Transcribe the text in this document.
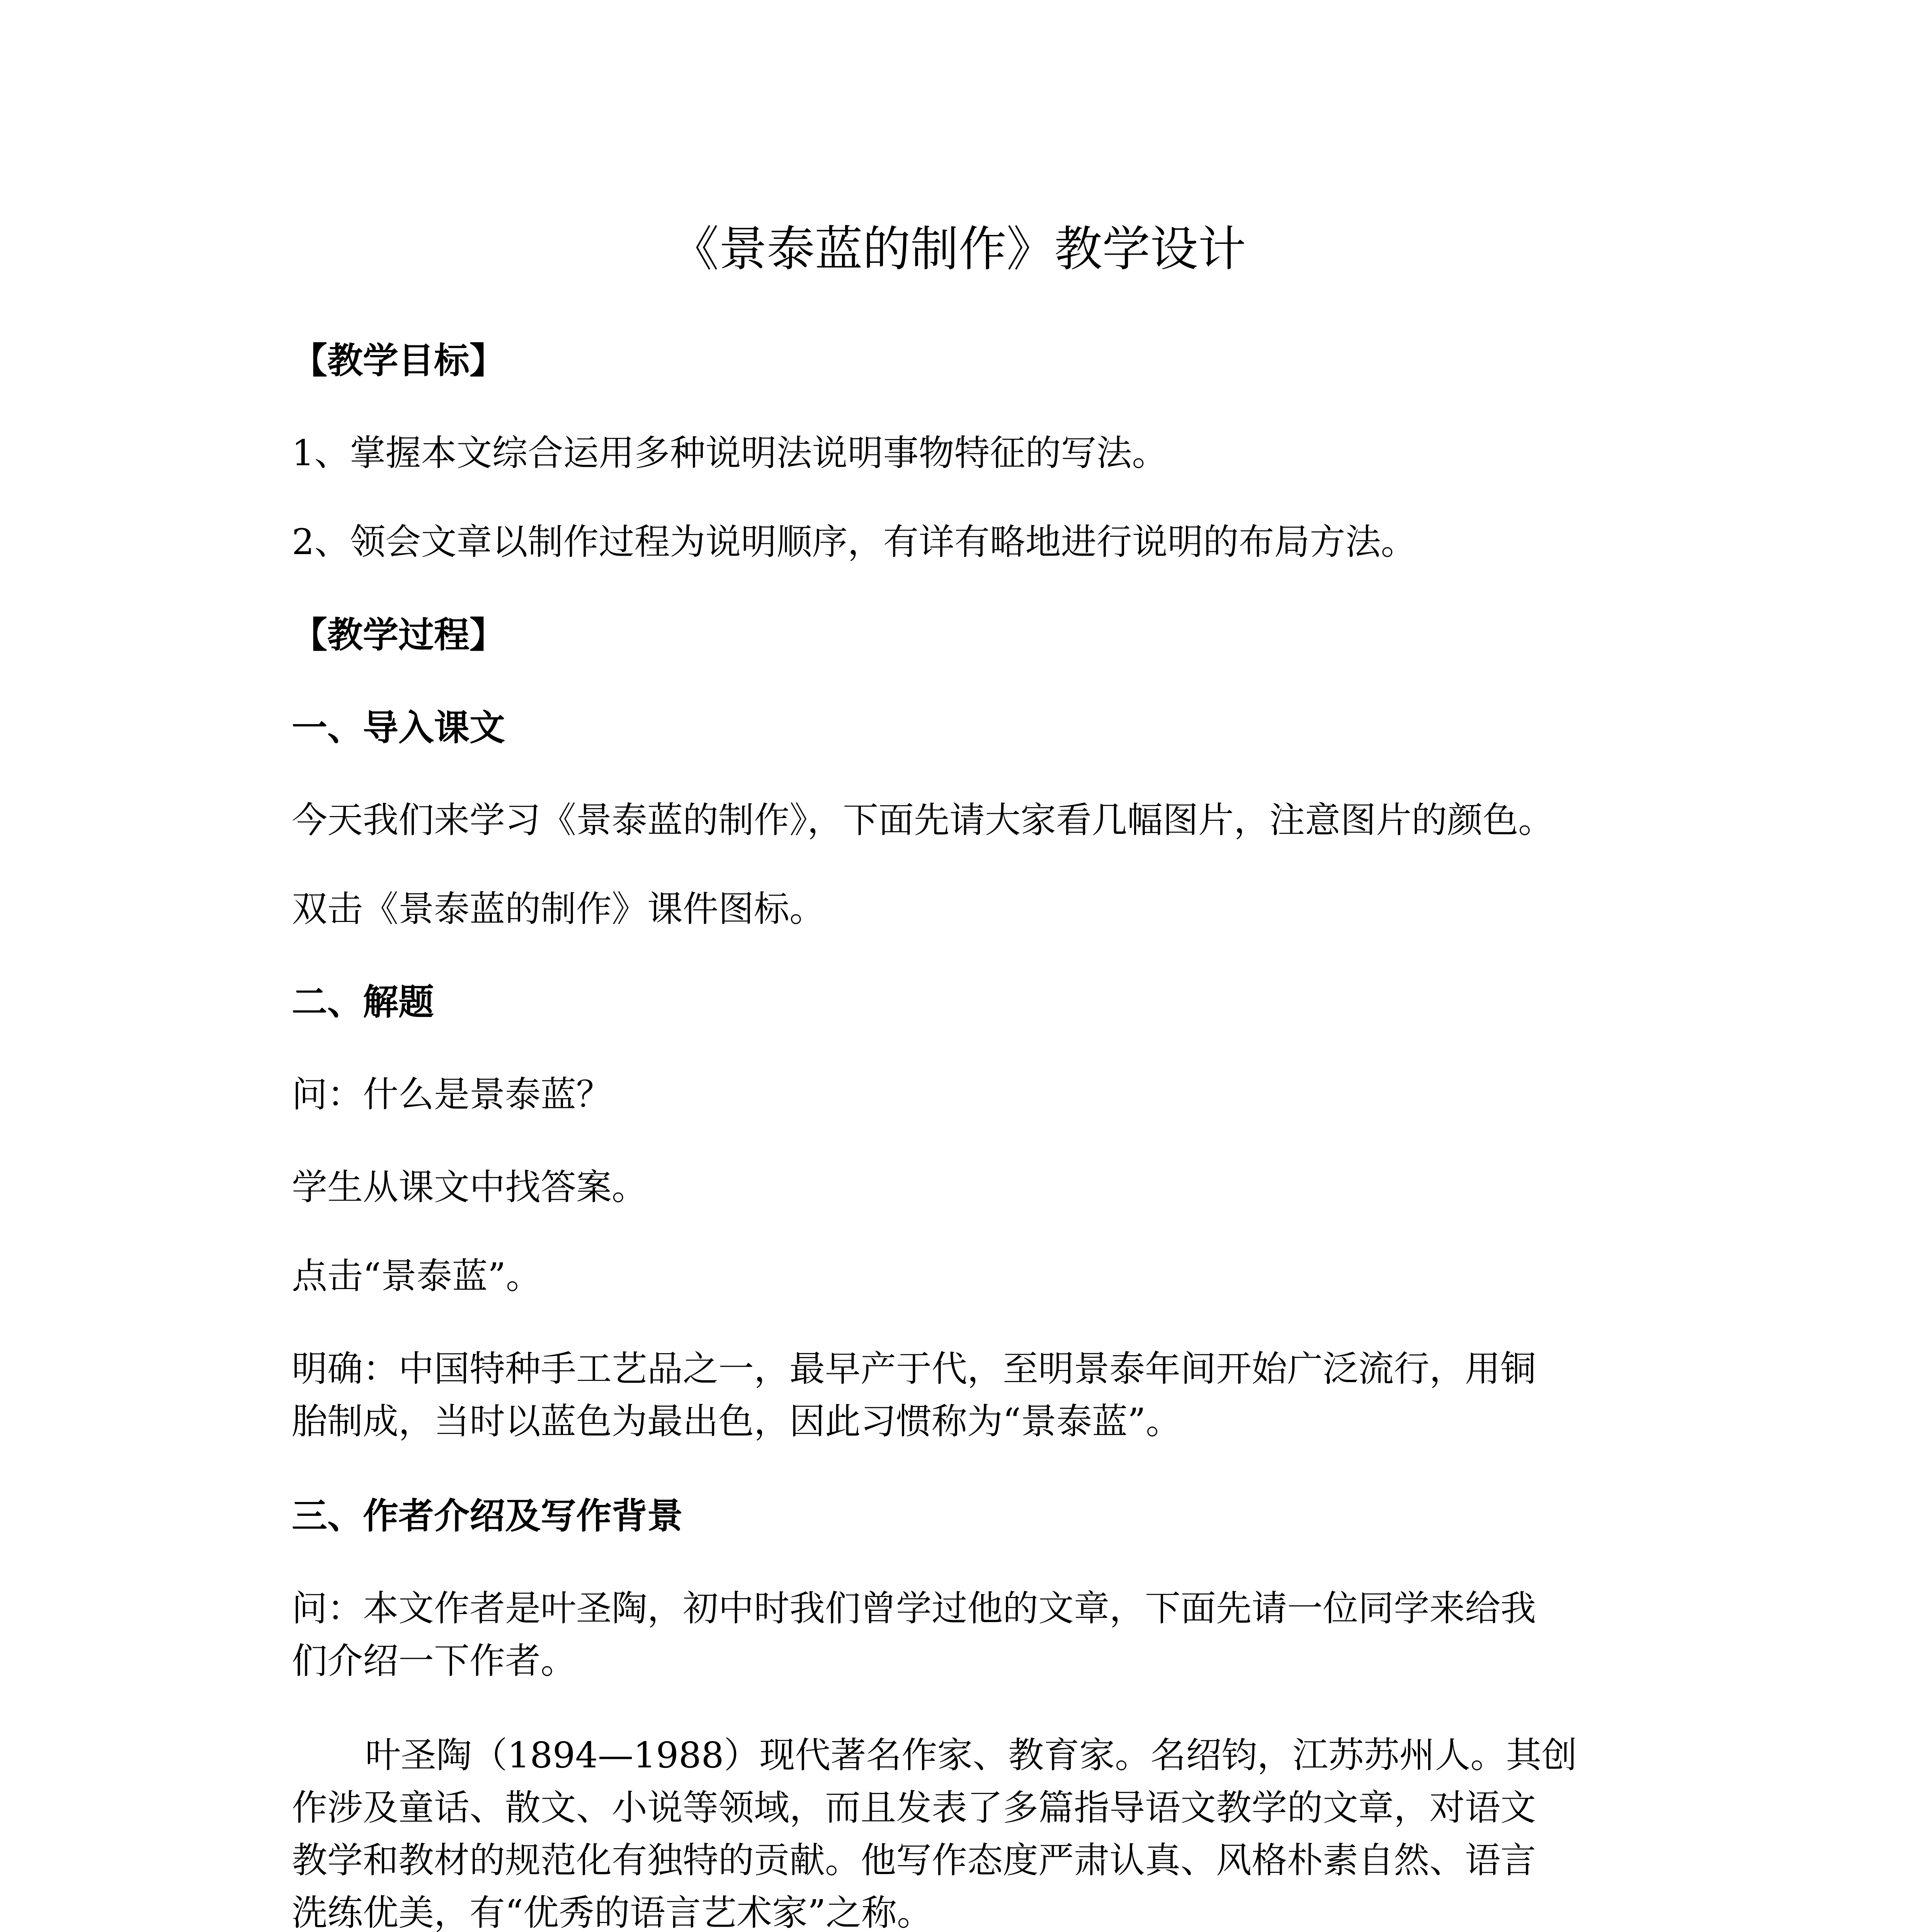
《景泰蓝的制作》教学设计

【教学目标】

1、掌握本文综合运用多种说明法说明事物特征的写法。

2、领会文章以制作过程为说明顺序，有详有略地进行说明的布局方法。

【教学过程】

一、导入课文

今天我们来学习《景泰蓝的制作》，下面先请大家看几幅图片，注意图片的颜色。

双击《景泰蓝的制作》课件图标。

二、解题

问：什么是景泰蓝？

学生从课文中找答案。

点击“景泰蓝”。

明确：中国特种手工艺品之一，最早产于代，至明景泰年间开始广泛流行，用铜

胎制成，当时以蓝色为最出色，因此习惯称为“景泰蓝”。

三、作者介绍及写作背景

问：本文作者是叶圣陶，初中时我们曾学过他的文章，下面先请一位同学来给我

们介绍一下作者。

叶圣陶（1894—1988）现代著名作家、教育家。名绍钧，江苏苏州人。其创

作涉及童话、散文、小说等领域，而且发表了多篇指导语文教学的文章，对语文

教学和教材的规范化有独特的贡献。他写作态度严肃认真、风格朴素自然、语言

洗练优美，有“优秀的语言艺术家”之称。
